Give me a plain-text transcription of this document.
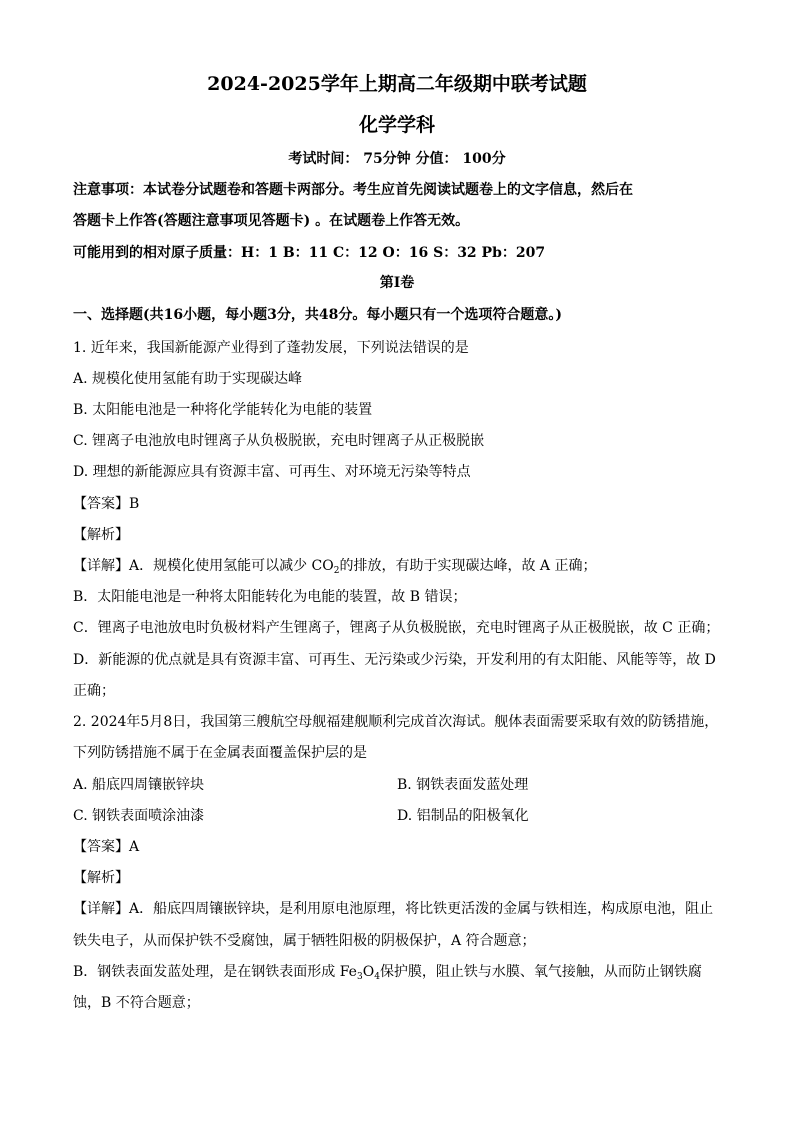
2024-2025学年上期高二年级期中联考试题
化学学科
考试时间： 75分钟 分值： 100分
注意事项：本试卷分试题卷和答题卡两部分。考生应首先阅读试题卷上的文字信息，然后在
答题卡上作答(答题注意事项见答题卡) 。在试题卷上作答无效。
可能用到的相对原子质量：H：1 B：11 C：12 O：16 S：32 Pb：207
第Ⅰ卷
一、选择题(共16小题，每小题3分，共48分。每小题只有一个选项符合题意。)
1. 近年来，我国新能源产业得到了蓬勃发展，下列说法错误的是
A. 规模化使用氢能有助于实现碳达峰
B. 太阳能电池是一种将化学能转化为电能的装置
C. 锂离子电池放电时锂离子从负极脱嵌，充电时锂离子从正极脱嵌
D. 理想的新能源应具有资源丰富、可再生、对环境无污染等特点
【答案】B
【解析】
【详解】A．规模化使用氢能可以减少 $CO_2$的排放，有助于实现碳达峰，故 A 正确；
B．太阳能电池是一种将太阳能转化为电能的装置，故 B 错误；
C．锂离子电池放电时负极材料产生锂离子，锂离子从负极脱嵌，充电时锂离子从正极脱嵌，故 C 正确；
D．新能源的优点就是具有资源丰富、可再生、无污染或少污染，开发利用的有太阳能、风能等等，故 D
正确；
2. 2024年5月8日，我国第三艘航空母舰福建舰顺利完成首次海试。舰体表面需要采取有效的防锈措施，
下列防锈措施不属于在金属表面覆盖保护层的是
A. 船底四周镶嵌锌块	B. 钢铁表面发蓝处理
C. 钢铁表面喷涂油漆	D. 铝制品的阳极氧化
【答案】A
【解析】
【详解】A．船底四周镶嵌锌块，是利用原电池原理，将比铁更活泼的金属与铁相连，构成原电池，阻止
铁失电子，从而保护铁不受腐蚀，属于牺牲阳极的阴极保护，A 符合题意；
B．钢铁表面发蓝处理，是在钢铁表面形成 $Fe_3O_4$保护膜，阻止铁与水膜、氧气接触，从而防止钢铁腐
蚀，B 不符合题意；
